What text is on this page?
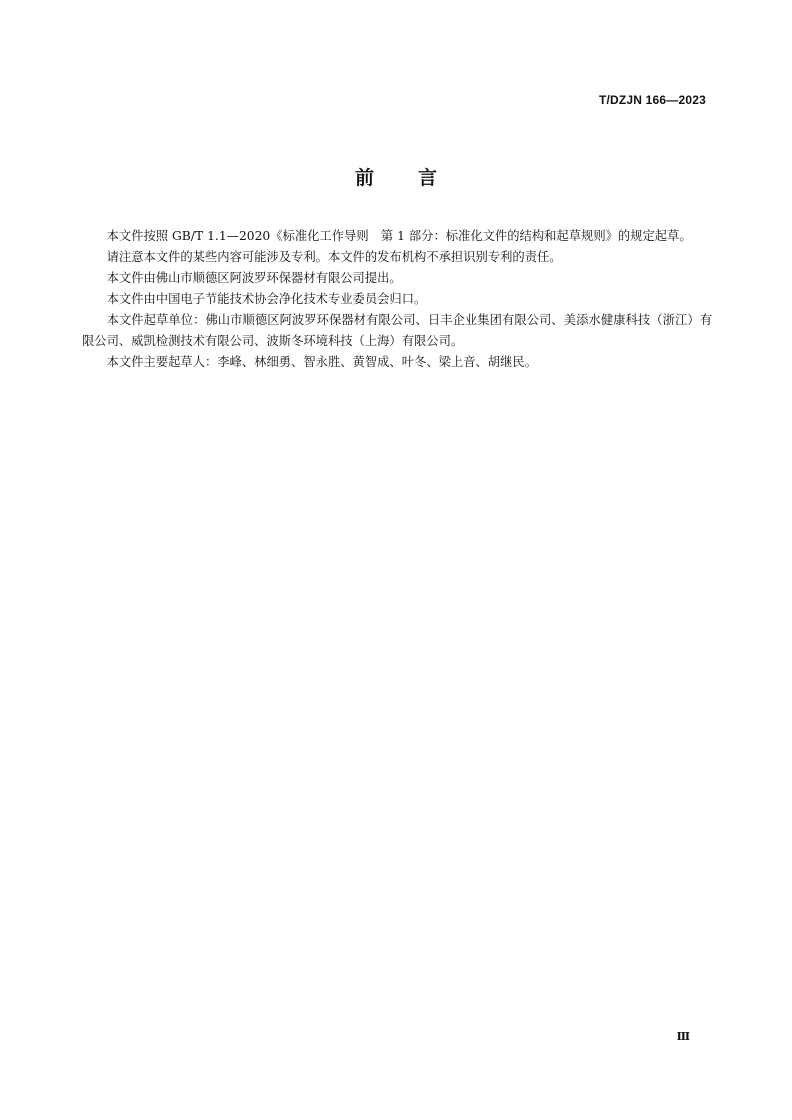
T/DZJN 166—2023
前言

本文件按照 GB/T 1.1—2020《标准化工作导则　第 1 部分：标准化文件的结构和起草规则》的规定起草。

请注意本文件的某些内容可能涉及专利。本文件的发布机构不承担识别专利的责任。

本文件由佛山市顺德区阿波罗环保器材有限公司提出。

本文件由中国电子节能技术协会净化技术专业委员会归口。

本文件起草单位：佛山市顺德区阿波罗环保器材有限公司、日丰企业集团有限公司、美添水健康科技（浙江）有限公司、威凯检测技术有限公司、波斯冬环境科技（上海）有限公司。

本文件主要起草人：李峰、林细勇、智永胜、黄智成、叶冬、梁上音、胡继民。

Ⅲ
